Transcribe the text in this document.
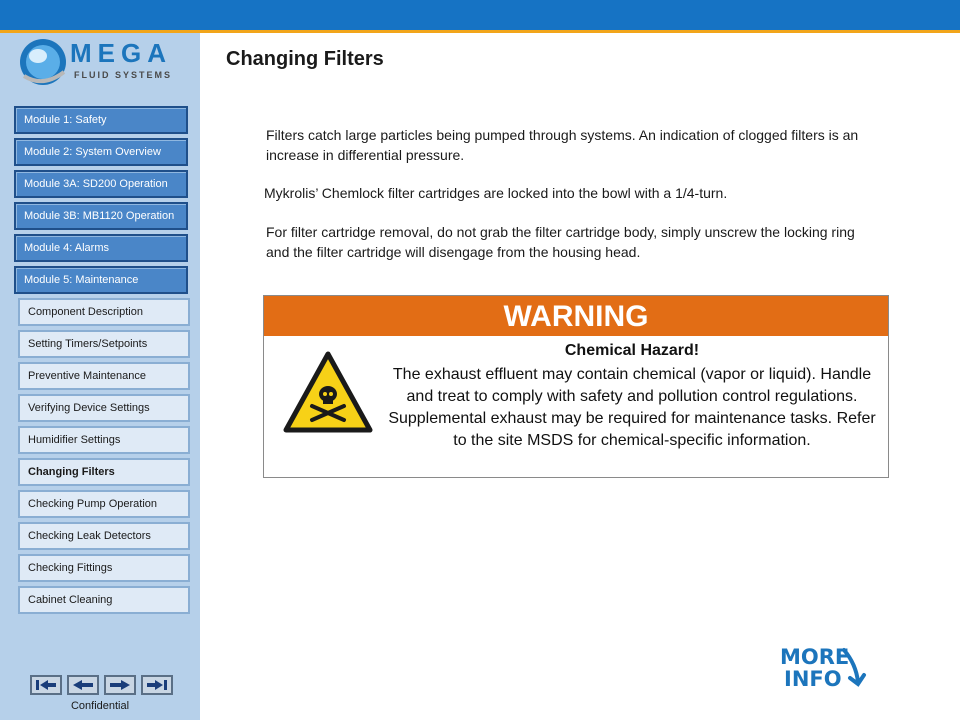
MEGA
FLUID SYSTEMS
Module 1: Safety
Module 2: System Overview
Module 3A: SD200 Operation
Module 3B: MB1120 Operation
Module 4: Alarms
Module 5: Maintenance
Component Description
Setting Timers/Setpoints
Preventive Maintenance
Verifying Device Settings
Humidifier Settings
Changing Filters
Checking Pump Operation
Checking Leak Detectors
Checking Fittings
Cabinet Cleaning
Confidential
Changing Filters
Filters catch large particles being pumped through systems. An indication of clogged filters is an increase in differential pressure.
Mykrolis’ Chemlock filter cartridges are locked into the bowl with a 1/4-turn.
For filter cartridge removal, do not grab the filter cartridge body, simply unscrew the locking ring and the filter cartridge will disengage from the housing head.
WARNING
Chemical Hazard!
The exhaust effluent may contain chemical (vapor or liquid). Handle and treat to comply with safety and pollution control regulations. Supplemental exhaust may be required for maintenance tasks. Refer to the site MSDS for chemical-specific information.
MORE
INFO
